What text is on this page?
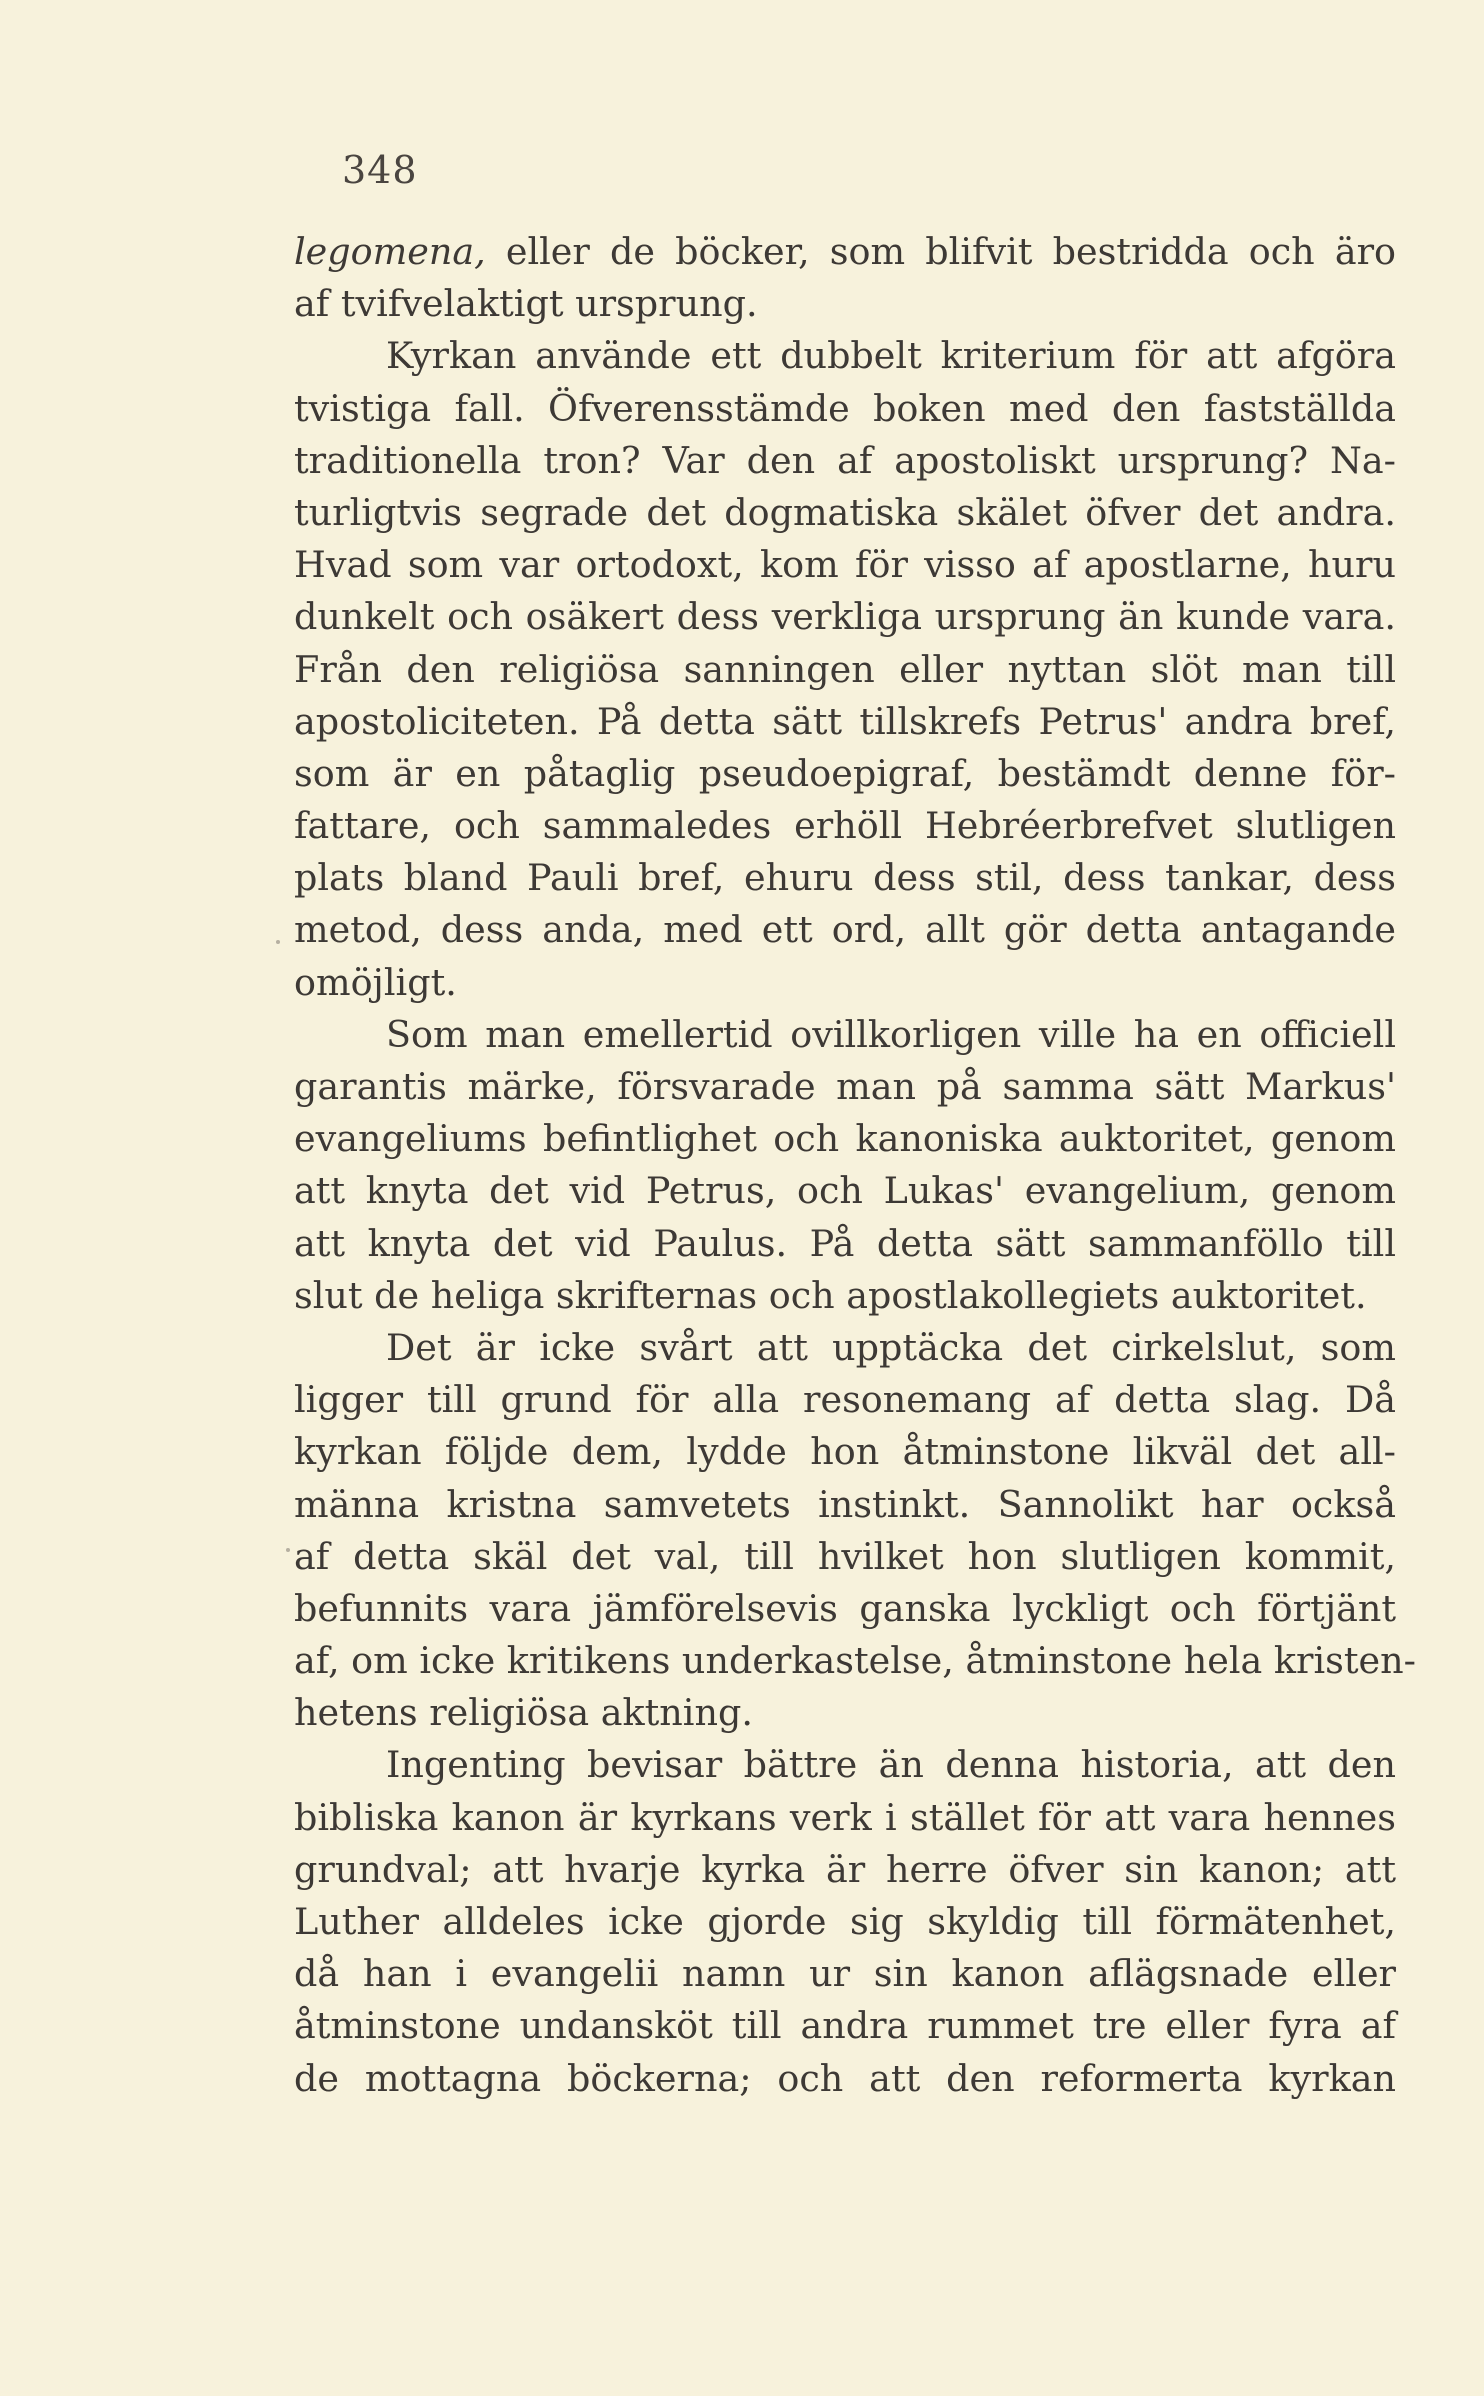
348
legomena, eller de böcker, som blifvit bestridda och äro
af tvifvelaktigt ursprung.
Kyrkan använde ett dubbelt kriterium för att afgöra
tvistiga fall. Öfverensstämde boken med den fastställda
traditionella tron? Var den af apostoliskt ursprung? Na-
turligtvis segrade det dogmatiska skälet öfver det andra.
Hvad som var ortodoxt, kom för visso af apostlarne, huru
dunkelt och osäkert dess verkliga ursprung än kunde vara.
Från den religiösa sanningen eller nyttan slöt man till
apostoliciteten. På detta sätt tillskrefs Petrus' andra bref,
som är en påtaglig pseudoepigraf, bestämdt denne för-
fattare, och sammaledes erhöll Hebréerbrefvet slutligen
plats bland Pauli bref, ehuru dess stil, dess tankar, dess
metod, dess anda, med ett ord, allt gör detta antagande
omöjligt.
Som man emellertid ovillkorligen ville ha en officiell
garantis märke, försvarade man på samma sätt Markus'
evangeliums befintlighet och kanoniska auktoritet, genom
att knyta det vid Petrus, och Lukas' evangelium, genom
att knyta det vid Paulus. På detta sätt sammanföllo till
slut de heliga skrifternas och apostlakollegiets auktoritet.
Det är icke svårt att upptäcka det cirkelslut, som
ligger till grund för alla resonemang af detta slag. Då
kyrkan följde dem, lydde hon åtminstone likväl det all-
männa kristna samvetets instinkt. Sannolikt har också
af detta skäl det val, till hvilket hon slutligen kommit,
befunnits vara jämförelsevis ganska lyckligt och förtjänt
af, om icke kritikens underkastelse, åtminstone hela kristen-
hetens religiösa aktning.
Ingenting bevisar bättre än denna historia, att den
bibliska kanon är kyrkans verk i stället för att vara hennes
grundval; att hvarje kyrka är herre öfver sin kanon; att
Luther alldeles icke gjorde sig skyldig till förmätenhet,
då han i evangelii namn ur sin kanon aflägsnade eller
åtminstone undansköt till andra rummet tre eller fyra af
de mottagna böckerna; och att den reformerta kyrkan
